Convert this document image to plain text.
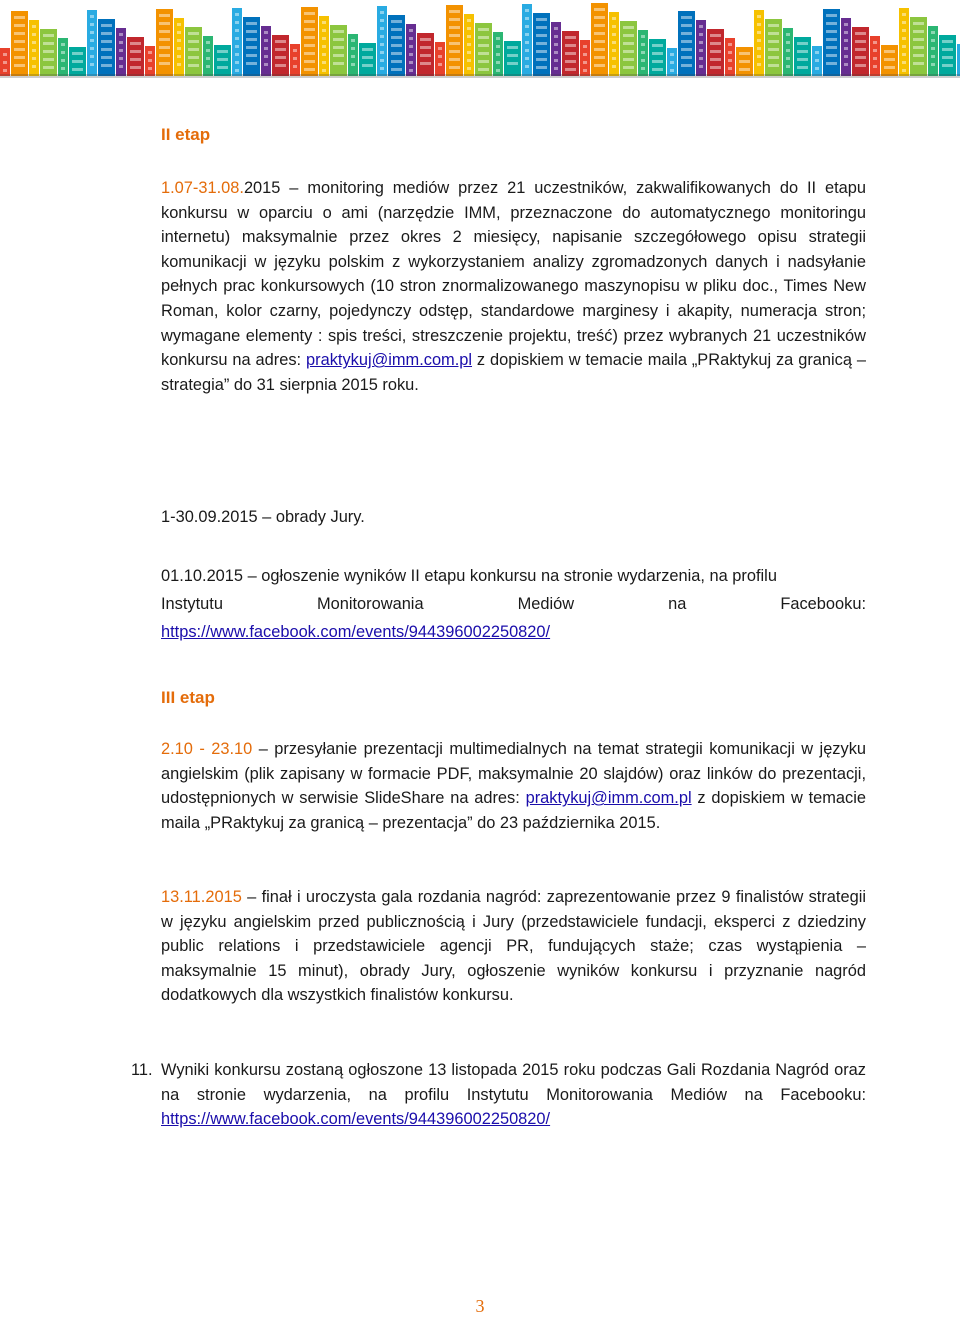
II etap

1.07-31.08.2015 – monitoring mediów przez 21 uczestników, zakwalifikowanych do II etapu konkursu w oparciu o ami (narzędzie IMM, przeznaczone do automatycznego monitoringu internetu) maksymalnie przez okres 2 miesięcy, napisanie szczegółowego opisu strategii komunikacji w języku polskim z wykorzystaniem analizy zgromadzonych danych i nadsyłanie pełnych prac konkursowych (10 stron znormalizowanego maszynopisu w pliku doc., Times New Roman, kolor czarny, pojedynczy odstęp, standardowe marginesy i akapity, numeracja stron; wymagane elementy : spis treści, streszczenie projektu, treść) przez wybranych 21 uczestników konkursu na adres: praktykuj@imm.com.pl z dopiskiem w temacie maila „PRaktykuj za granicą – strategia” do 31 sierpnia 2015 roku.

1-30.09.2015 – obrady Jury.

01.10.2015 – ogłoszenie wyników II etapu konkursu na stronie wydarzenia, na profilu
Instytutu	Monitorowania	Mediów	na	Facebooku:
https://www.facebook.com/events/944396002250820/

III etap

2.10 - 23.10 – przesyłanie prezentacji multimedialnych na temat strategii komunikacji w języku angielskim (plik zapisany w formacie PDF, maksymalnie 20 slajdów) oraz linków do prezentacji, udostępnionych w serwisie SlideShare na adres: praktykuj@imm.com.pl z dopiskiem w temacie maila „PRaktykuj za granicą – prezentacja” do 23 października 2015.

13.11.2015 – finał i uroczysta gala rozdania nagród: zaprezentowanie przez 9 finalistów strategii w języku angielskim przed publicznością i Jury (przedstawiciele fundacji, eksperci z dziedziny public relations i przedstawiciele agencji PR, fundujących staże; czas wystąpienia – maksymalnie 15 minut), obrady Jury, ogłoszenie wyników konkursu i przyznanie nagród dodatkowych dla wszystkich finalistów konkursu.

11. Wyniki konkursu zostaną ogłoszone 13 listopada 2015 roku podczas Gali Rozdania Nagród oraz na stronie wydarzenia, na profilu Instytutu Monitorowania Mediów na Facebooku: https://www.facebook.com/events/944396002250820/

3
